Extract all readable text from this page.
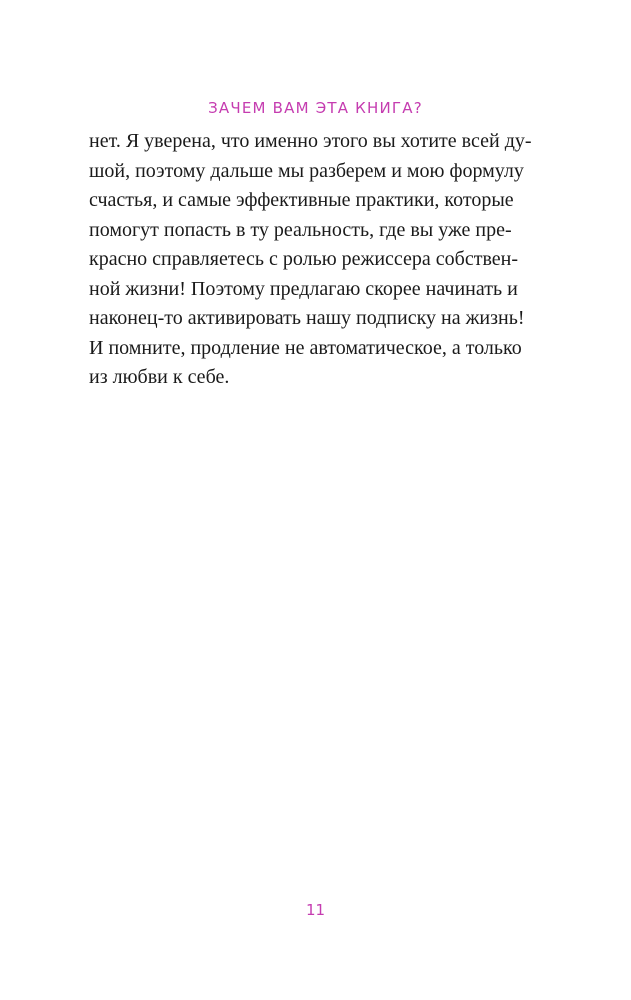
ЗАЧЕМ ВАМ ЭТА КНИГА?
нет. Я уверена, что именно этого вы хотите всей ду-
шой, поэтому дальше мы разберем и мою формулу
счастья, и самые эффективные практики, которые
помогут попасть в ту реальность, где вы уже пре-
красно справляетесь с ролью режиссера собствен-
ной жизни! Поэтому предлагаю скорее начинать и
наконец-то активировать нашу подписку на жизнь!
И помните, продление не автоматическое, а только
из любви к себе.
11
